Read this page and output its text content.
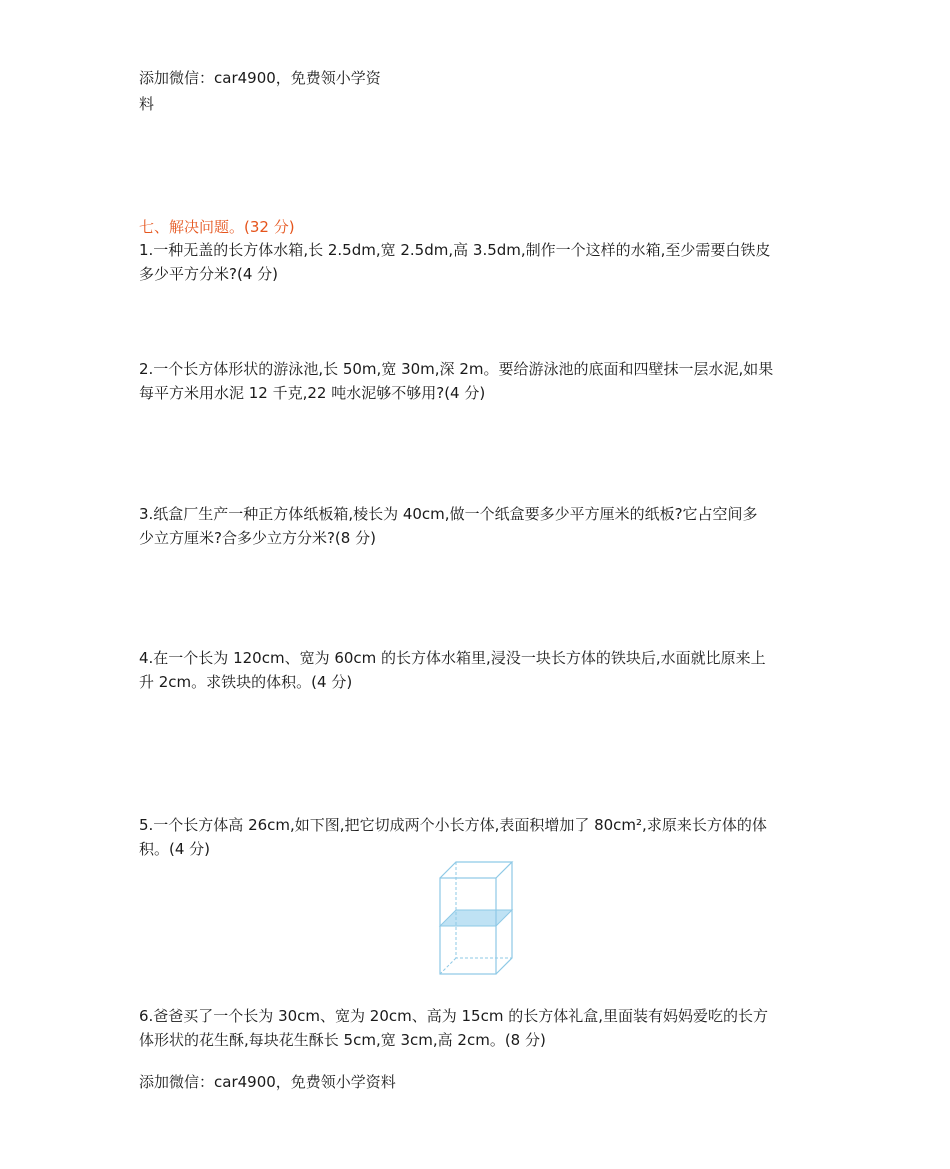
添加微信：car4900，免费领小学资
料
七、解决问题。(32 分)
1.一种无盖的长方体水箱,长 2.5dm,宽 2.5dm,高 3.5dm,制作一个这样的水箱,至少需要白铁皮
多少平方分米?(4 分)
2.一个长方体形状的游泳池,长 50m,宽 30m,深 2m。要给游泳池的底面和四壁抹一层水泥,如果
每平方米用水泥 12 千克,22 吨水泥够不够用?(4 分)
3.纸盒厂生产一种正方体纸板箱,棱长为 40cm,做一个纸盒要多少平方厘米的纸板?它占空间多
少立方厘米?合多少立方分米?(8 分)
4.在一个长为 120cm、宽为 60cm 的长方体水箱里,浸没一块长方体的铁块后,水面就比原来上
升 2cm。求铁块的体积。(4 分)
5.一个长方体高 26cm,如下图,把它切成两个小长方体,表面积增加了 80cm²,求原来长方体的体
积。(4 分)
6.爸爸买了一个长为 30cm、宽为 20cm、高为 15cm 的长方体礼盒,里面装有妈妈爱吃的长方
体形状的花生酥,每块花生酥长 5cm,宽 3cm,高 2cm。(8 分)
添加微信：car4900，免费领小学资料
